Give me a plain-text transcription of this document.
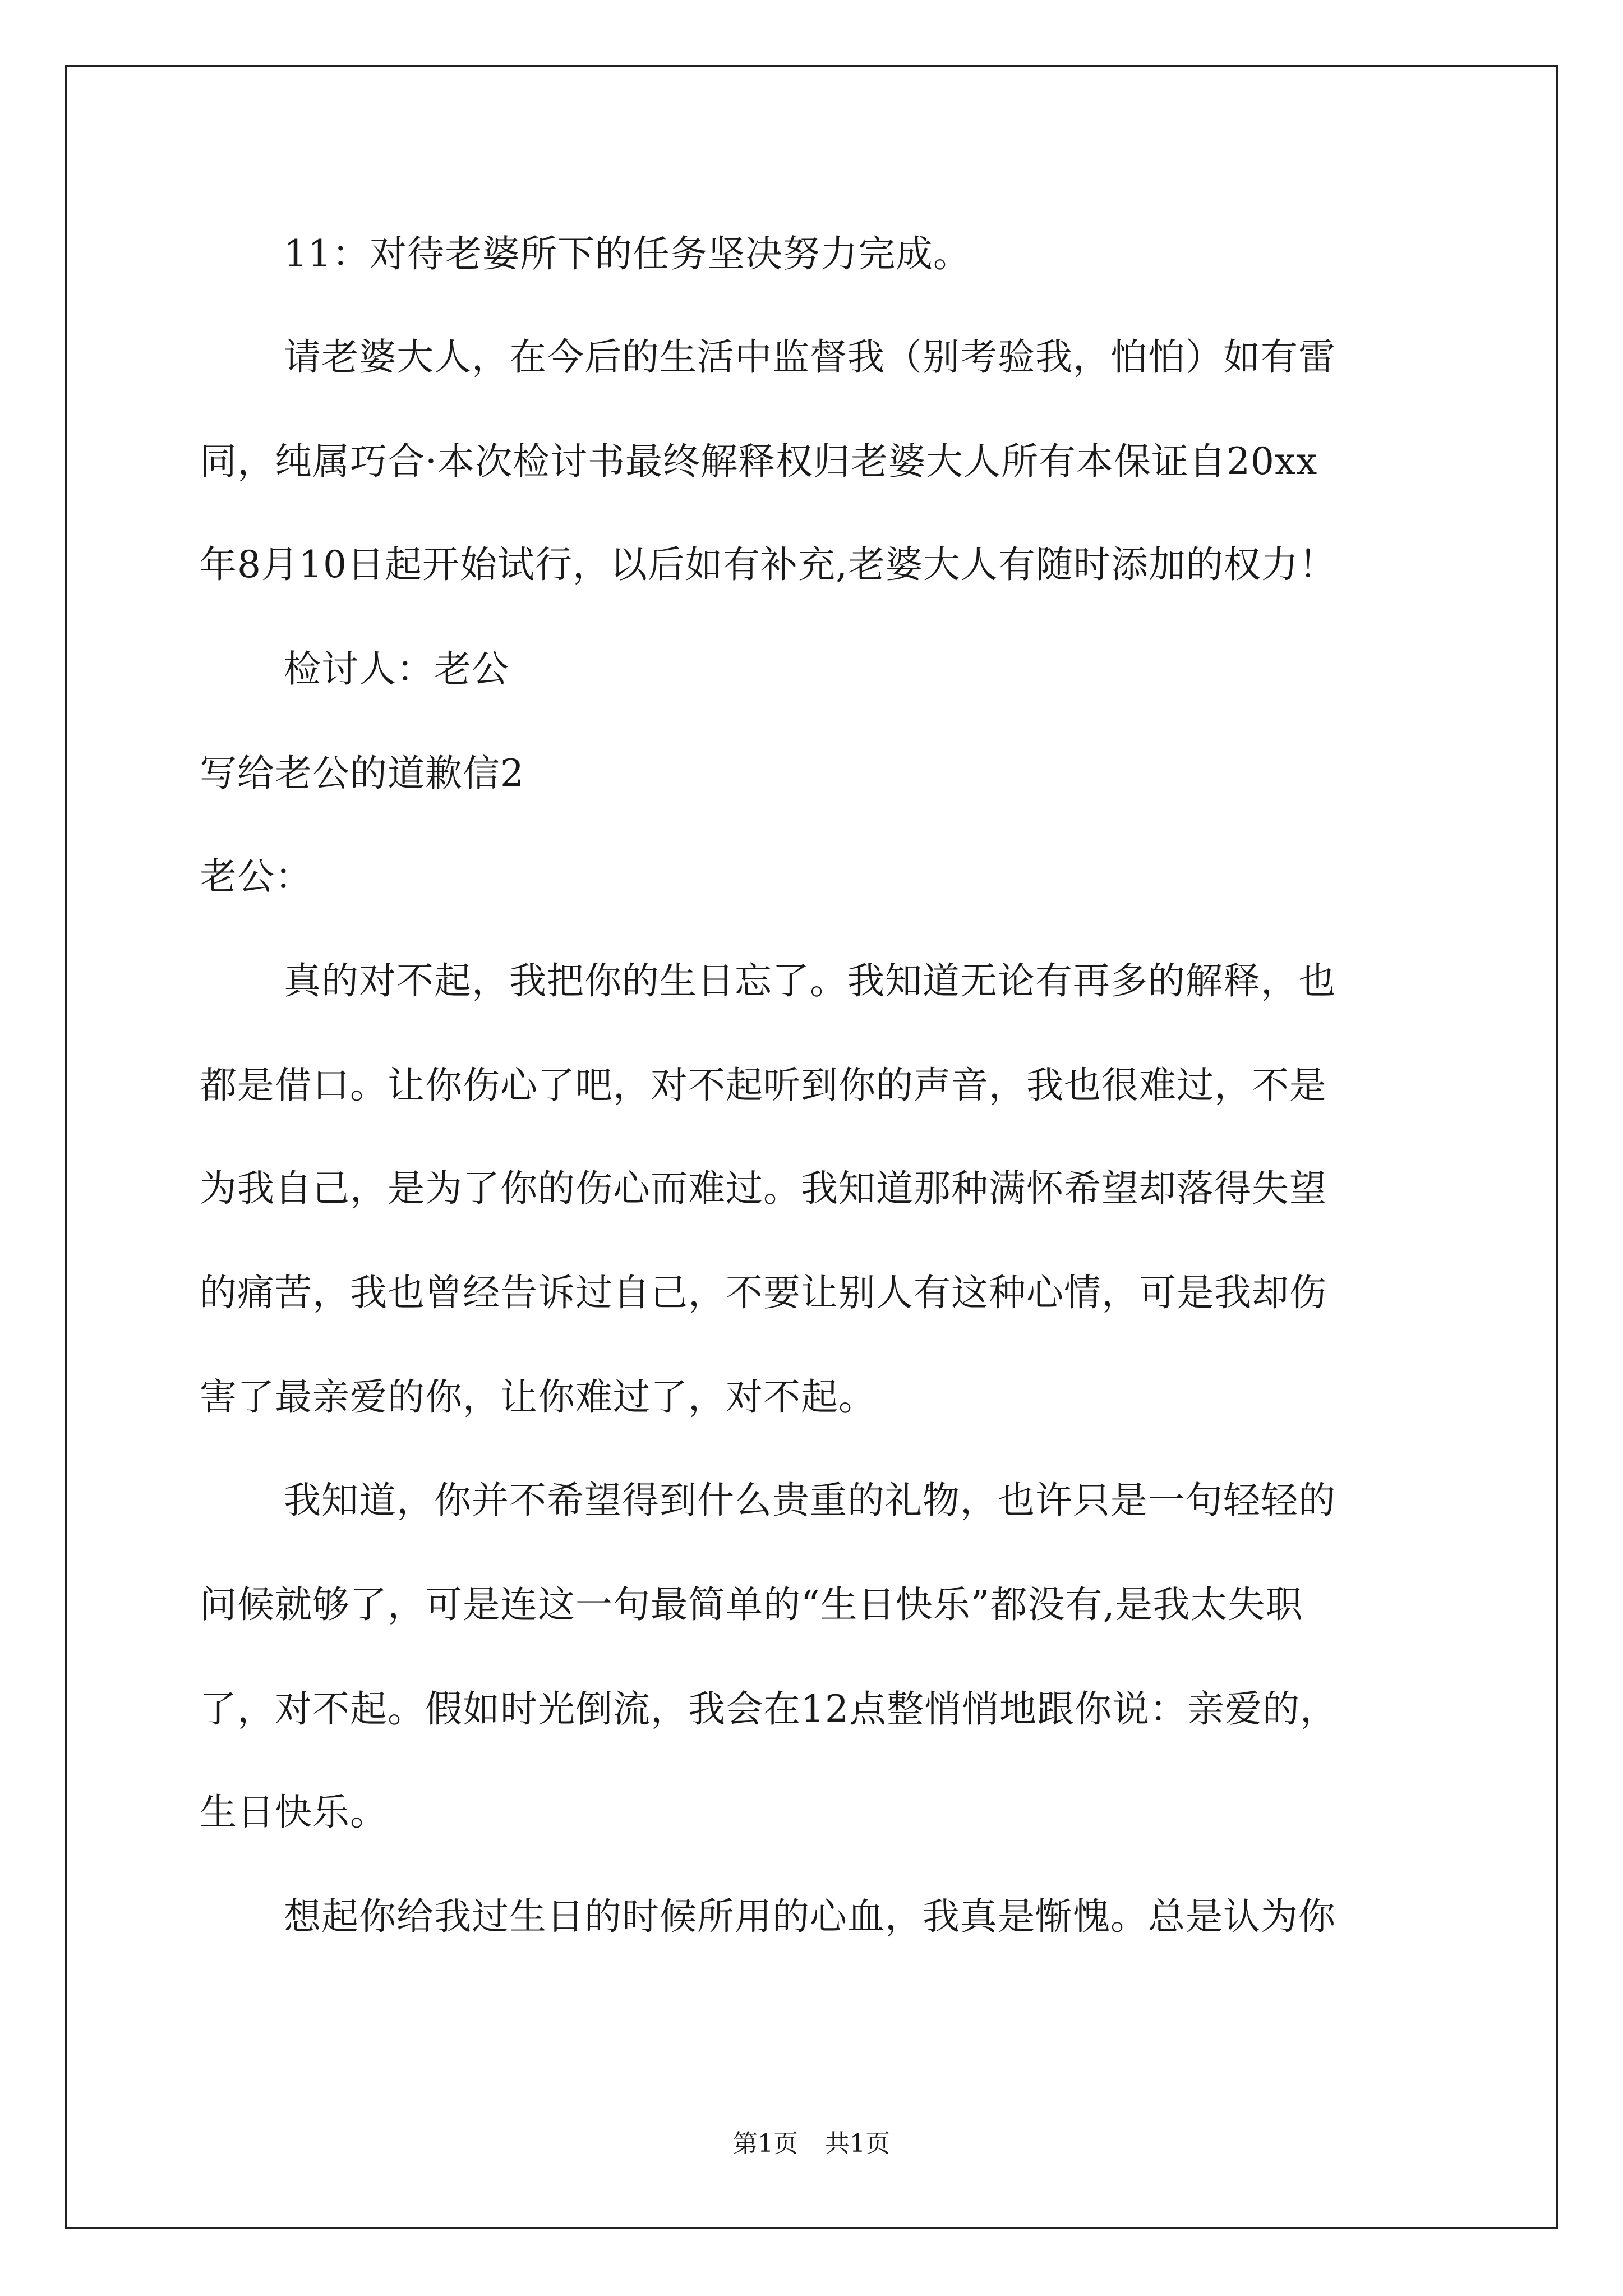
11：对待老婆所下的任务坚决努力完成。
请老婆大人，在今后的生活中监督我（别考验我，怕怕）如有雷
同，纯属巧合·本次检讨书最终解释权归老婆大人所有本保证自20xx
年8月10日起开始试行，以后如有补充,老婆大人有随时添加的权力！
检讨人：老公
写给老公的道歉信2
老公：
真的对不起，我把你的生日忘了。我知道无论有再多的解释，也
都是借口。让你伤心了吧，对不起听到你的声音，我也很难过，不是
为我自己，是为了你的伤心而难过。我知道那种满怀希望却落得失望
的痛苦，我也曾经告诉过自己，不要让别人有这种心情，可是我却伤
害了最亲爱的你，让你难过了，对不起。
我知道，你并不希望得到什么贵重的礼物，也许只是一句轻轻的
问候就够了，可是连这一句最简单的“生日快乐”都没有,是我太失职
了，对不起。假如时光倒流，我会在12点整悄悄地跟你说：亲爱的，
生日快乐。
想起你给我过生日的时候所用的心血，我真是惭愧。总是认为你
第1页 共1页
